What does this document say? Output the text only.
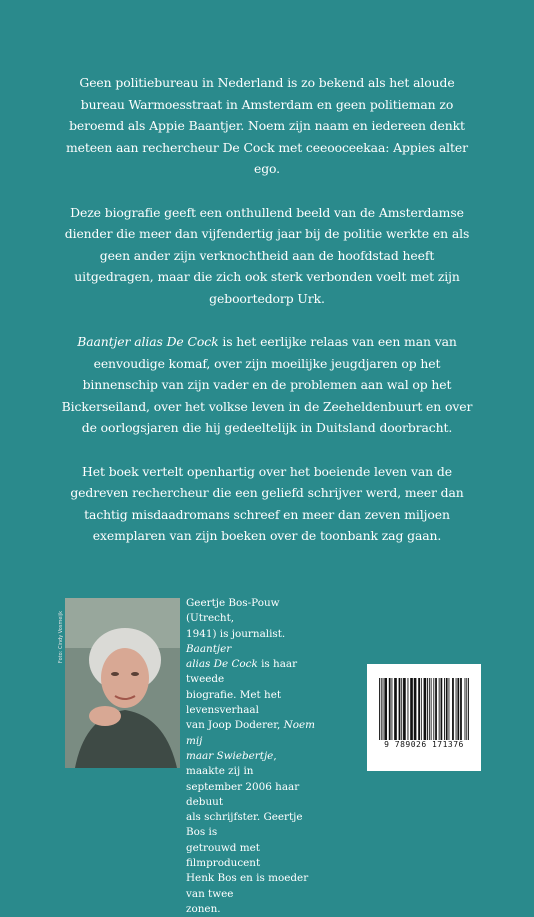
Geen politiebureau in Nederland is zo bekend als het aloude bureau Warmoesstraat in Amsterdam en geen politieman zo beroemd als Appie Baantjer. Noem zijn naam en iedereen denkt meteen aan rechercheur De Cock met ceeooceekaa: Appies alter ego.

Deze biografie geeft een onthullend beeld van de Amsterdamse diender die meer dan vijfendertig jaar bij de politie werkte en als geen ander zijn verknochtheid aan de hoofdstad heeft uitgedragen, maar die zich ook sterk verbonden voelt met zijn geboortedorp Urk.

Baantjer alias De Cock is het eerlijke relaas van een man van eenvoudige komaf, over zijn moeilijke jeugdjaren op het binnenschip van zijn vader en de problemen aan wal op het Bickerseiland, over het volkse leven in de Zeeheldenbuurt en over de oorlogsjaren die hij gedeeltelijk in Duitsland doorbracht.

Het boek vertelt openhartig over het boeiende leven van de gedreven rechercheur die een geliefd schrijver werd, meer dan tachtig misdaadromans schreef en meer dan zeven miljoen exemplaren van zijn boeken over de toonbank zag gaan.

Foto: Cindy Vosmeijk
Geertje Bos-Pouw (Utrecht,
1941) is journalist. Baantjer
alias De Cock is haar tweede
biografie. Met het levensverhaal
van Joop Doderer, Noem mij
maar Swiebertje, maakte zij in
september 2006 haar debuut
als schrijfster. Geertje Bos is
getrouwd met filmproducent
Henk Bos en is moeder van twee
zonen.
9 789026 171376
